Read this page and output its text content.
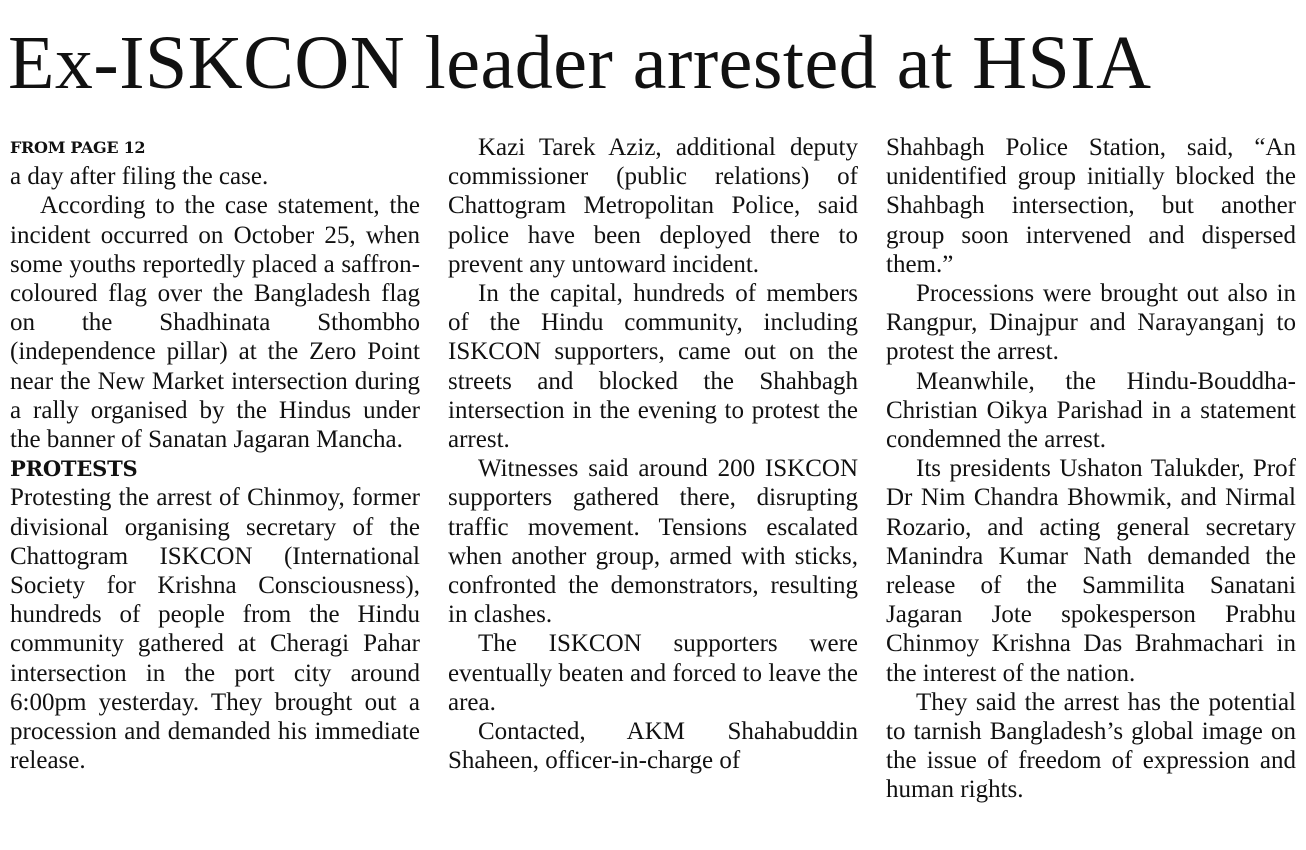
Ex-ISKCON leader arrested at HSIA
FROM PAGE 12

a day after filing the case.

According to the case statement, the incident occurred on October 25, when some youths reportedly placed a saffron-coloured flag over the Bangladesh flag on the Shadhinata Sthombho (independence pillar) at the Zero Point near the New Market intersection during a rally organised by the Hindus under the banner of Sanatan Jagaran Mancha.

PROTESTS

Protesting the arrest of Chinmoy, former divisional organising secretary of the Chattogram ISKCON (International Society for Krishna Consciousness), hundreds of people from the Hindu community gathered at Cheragi Pahar intersection in the port city around 6:00pm yesterday. They brought out a procession and demanded his immediate release.

Kazi Tarek Aziz, additional deputy commissioner (public relations) of Chattogram Metropolitan Police, said police have been deployed there to prevent any untoward incident.

In the capital, hundreds of members of the Hindu community, including ISKCON supporters, came out on the streets and blocked the Shahbagh intersection in the evening to protest the arrest.

Witnesses said around 200 ISKCON supporters gathered there, disrupting traffic movement. Tensions escalated when another group, armed with sticks, confronted the demonstrators, resulting in clashes.

The ISKCON supporters were eventually beaten and forced to leave the area.

Contacted, AKM Shahabuddin Shaheen, officer-in-charge of

Shahbagh Police Station, said, “An unidentified group initially blocked the Shahbagh intersection, but another group soon intervened and dispersed them.”

Processions were brought out also in Rangpur, Dinajpur and Narayanganj to protest the arrest.

Meanwhile, the Hindu-Bouddha-Christian Oikya Parishad in a statement condemned the arrest.

Its presidents Ushaton Talukder, Prof Dr Nim Chandra Bhowmik, and Nirmal Rozario, and acting general secretary Manindra Kumar Nath demanded the release of the Sammilita Sanatani Jagaran Jote spokesperson Prabhu Chinmoy Krishna Das Brahmachari in the interest of the nation.

They said the arrest has the potential to tarnish Bangladesh’s global image on the issue of freedom of expression and human rights.
